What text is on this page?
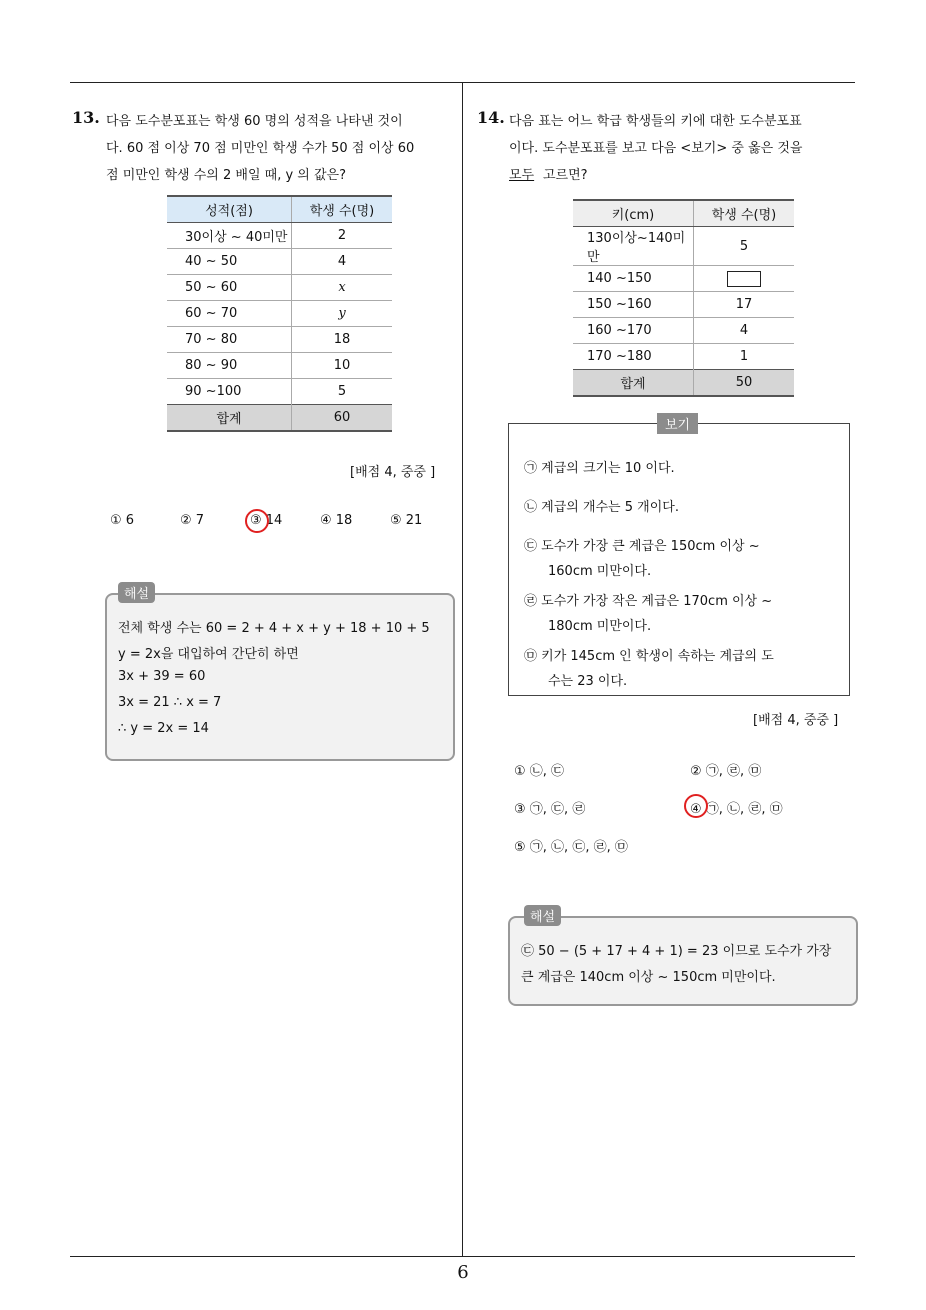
6
13. 다음 도수분포표는 학생 60 명의 성적을 나타낸 것이
다. 60 점 이상 70 점 미만인 학생 수가 50 점 이상 60
점 미만인 학생 수의 2 배일 때, y 의 값은?
성적(점)	학생 수(명)
30이상 ~ 40미만	2
40 ~ 50	4
50 ~ 60	x
60 ~ 70	y
70 ~ 80	18
80 ~ 90	10
90 ~100	5
합계	60
[배점 4, 중중 ]
① 6	② 7	③ 14	④ 18	⑤ 21
해설
전체 학생 수는 60 = 2 + 4 + x + y + 18 + 10 + 5
y = 2x을 대입하여 간단히 하면
3x + 39 = 60
3x = 21 ∴ x = 7
∴ y = 2x = 14
14. 다음 표는 어느 학급 학생들의 키에 대한 도수분포표
이다. 도수분포표를 보고 다음 <보기> 중 옳은 것을
모두 고르면?
키(cm)	학생 수(명)
130이상~140미만	5
140 ~150	
150 ~160	17
160 ~170	4
170 ~180	1
합계	50
보기
㉠ 계급의 크기는 10 이다.
㉡ 계급의 개수는 5 개이다.
㉢ 도수가 가장 큰 계급은 150cm 이상 ~
160cm 미만이다.
㉣ 도수가 가장 작은 계급은 170cm 이상 ~
180cm 미만이다.
㉤ 키가 145cm 인 학생이 속하는 계급의 도
수는 23 이다.
[배점 4, 중중 ]
① ㉡, ㉢	② ㉠, ㉣, ㉤
③ ㉠, ㉢, ㉣	④ ㉠, ㉡, ㉣, ㉤
⑤ ㉠, ㉡, ㉢, ㉣, ㉤
해설
㉢ 50 − (5 + 17 + 4 + 1) = 23 이므로 도수가 가장
큰 계급은 140cm 이상 ~ 150cm 미만이다.
